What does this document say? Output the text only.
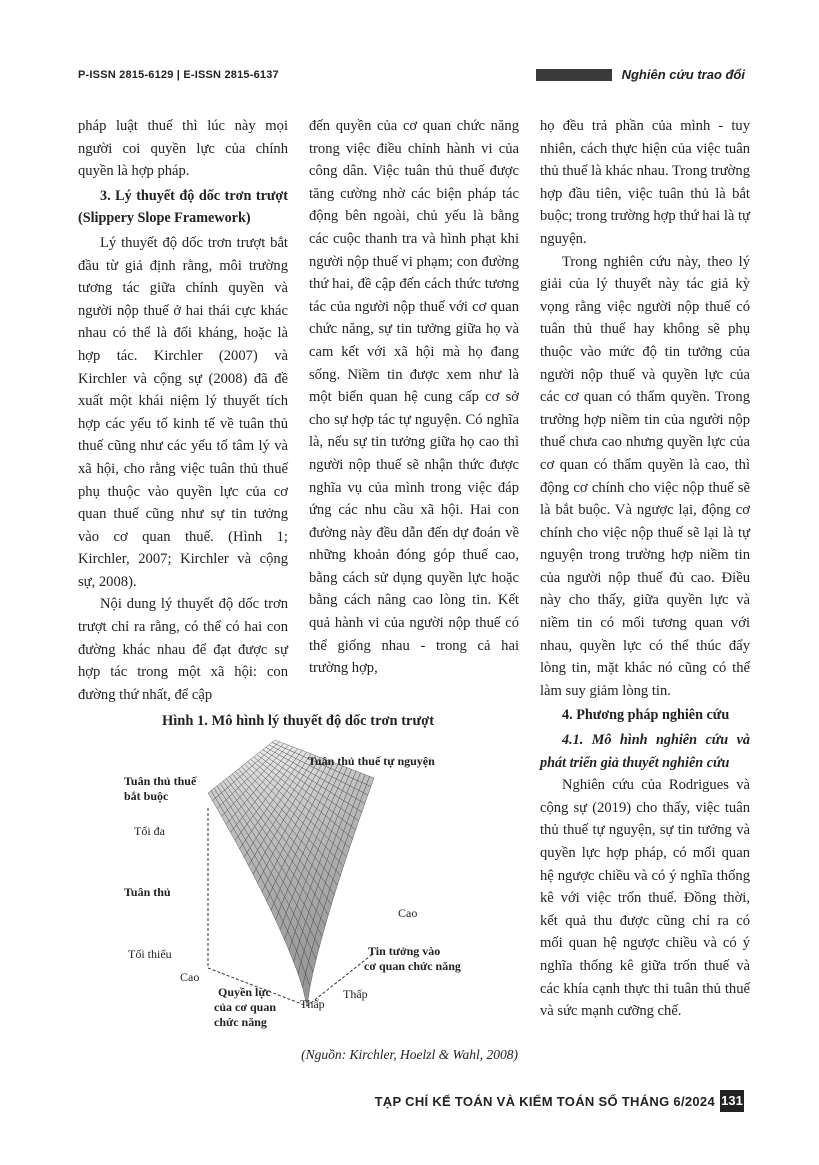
P-ISSN 2815-6129 | E-ISSN 2815-6137	Nghiên cứu trao đổi

pháp luật thuế thì lúc này mọi người coi quyền lực của chính quyền là hợp pháp.

3. Lý thuyết độ dốc trơn trượt (Slippery Slope Framework)

Lý thuyết độ dốc trơn trượt bắt đầu từ giả định rằng, môi trường tương tác giữa chính quyền và người nộp thuế ở hai thái cực khác nhau có thể là đối kháng, hoặc là hợp tác. Kirchler (2007) và Kirchler và cộng sự (2008) đã đề xuất một khái niệm lý thuyết tích hợp các yếu tố kinh tế về tuân thủ thuế cũng như các yếu tố tâm lý và xã hội, cho rằng việc tuân thủ thuế phụ thuộc vào quyền lực của cơ quan thuế cũng như sự tin tưởng vào cơ quan thuế. (Hình 1; Kirchler, 2007; Kirchler và cộng sự, 2008).

Nội dung lý thuyết độ dốc trơn trượt chỉ ra rằng, có thể có hai con đường khác nhau để đạt được sự hợp tác trong một xã hội: con đường thứ nhất, để cập

đến quyền của cơ quan chức năng trong việc điều chỉnh hành vi của công dân. Việc tuân thủ thuế được tăng cường nhờ các biện pháp tác động bên ngoài, chủ yếu là bằng các cuộc thanh tra và hình phạt khi người nộp thuế vi phạm; con đường thứ hai, đề cập đến cách thức tương tác của người nộp thuế với cơ quan chức năng, sự tin tưởng giữa họ và cam kết với xã hội mà họ đang sống. Niềm tin được xem như là một biến quan hệ cung cấp cơ sở cho sự hợp tác tự nguyện. Có nghĩa là, nếu sự tin tưởng giữa họ cao thì người nộp thuế sẽ nhận thức được nghĩa vụ của mình trong việc đáp ứng các nhu cầu xã hội. Hai con đường này đều dẫn đến dự đoán về những khoản đóng góp thuế cao, bằng cách sử dụng quyền lực hoặc bằng cách nâng cao lòng tin. Kết quả hành vi của người nộp thuế có thể giống nhau - trong cả hai trường hợp,

họ đều trả phần của mình - tuy nhiên, cách thực hiện của việc tuân thủ thuế là khác nhau. Trong trường hợp đầu tiên, việc tuân thủ là bắt buộc; trong trường hợp thứ hai là tự nguyện.

Trong nghiên cứu này, theo lý giải của lý thuyết này tác giả kỳ vọng rằng việc người nộp thuế có tuân thủ thuế hay không sẽ phụ thuộc vào mức độ tin tưởng của người nộp thuế và quyền lực của các cơ quan có thẩm quyền. Trong trường hợp niềm tin của người nộp thuế chưa cao nhưng quyền lực của cơ quan có thẩm quyền là cao, thì động cơ chính cho việc nộp thuế sẽ là bắt buộc. Và ngược lại, động cơ chính cho việc nộp thuế sẽ lại là tự nguyện trong trường hợp niềm tin của người nộp thuế đủ cao. Điều này cho thấy, giữa quyền lực và niềm tin có mối tương quan với nhau, quyền lực có thể thúc đẩy lòng tin, mặt khác nó cũng có thể làm suy giảm lòng tin.

4. Phương pháp nghiên cứu
4.1. Mô hình nghiên cứu và phát triển giả thuyết nghiên cứu

Nghiên cứu của Rodrigues và cộng sự (2019) cho thấy, việc tuân thủ thuế tự nguyện, sự tin tưởng và quyền lực hợp pháp, có mối quan hệ ngược chiều và có ý nghĩa thống kê với việc trốn thuế. Đồng thời, kết quả thu được cũng chỉ ra có mối quan hệ ngược chiều và có ý nghĩa thống kê giữa trốn thuế và các khía cạnh thực thi tuân thủ thuế và sức mạnh cưỡng chế.

Hình 1. Mô hình lý thuyết độ dốc trơn trượt
Tuân thủ thuế tự nguyện
Tuân thủ thuế
bắt buộc
Tối đa
Tuân thủ
Tối thiểu
Cao
Quyền lực
của cơ quan
chức năng
Thấp
Thấp
Cao
Tin tưởng vào
cơ quan chức năng
(Nguồn: Kirchler, Hoelzl & Wahl, 2008)
TẠP CHÍ KẾ TOÁN VÀ KIỂM TOÁN SỐ THÁNG 6/2024 131
